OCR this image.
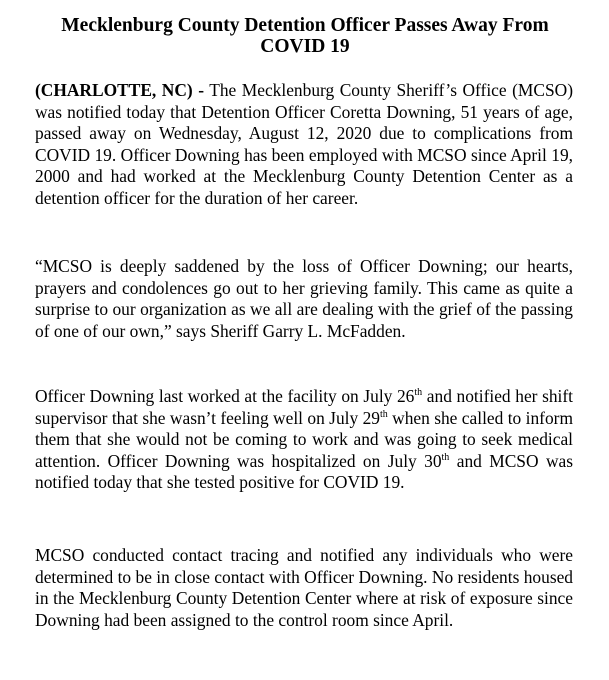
Mecklenburg County Detention Officer Passes Away From COVID 19
(CHARLOTTE, NC) - The Mecklenburg County Sheriff’s Office (MCSO) was notified today that Detention Officer Coretta Downing, 51 years of age, passed away on Wednesday, August 12, 2020 due to complications from COVID 19. Officer Downing has been employed with MCSO since April 19, 2000 and had worked at the Mecklenburg County Detention Center as a detention officer for the duration of her career.
“MCSO is deeply saddened by the loss of Officer Downing; our hearts, prayers and condolences go out to her grieving family. This came as quite a surprise to our organization as we all are dealing with the grief of the passing of one of our own,” says Sheriff Garry L. McFadden.
Officer Downing last worked at the facility on July 26th and notified her shift supervisor that she wasn’t feeling well on July 29th when she called to inform them that she would not be coming to work and was going to seek medical attention. Officer Downing was hospitalized on July 30th and MCSO was notified today that she tested positive for COVID 19.
MCSO conducted contact tracing and notified any individuals who were determined to be in close contact with Officer Downing. No residents housed in the Mecklenburg County Detention Center where at risk of exposure since Downing had been assigned to the control room since April.
